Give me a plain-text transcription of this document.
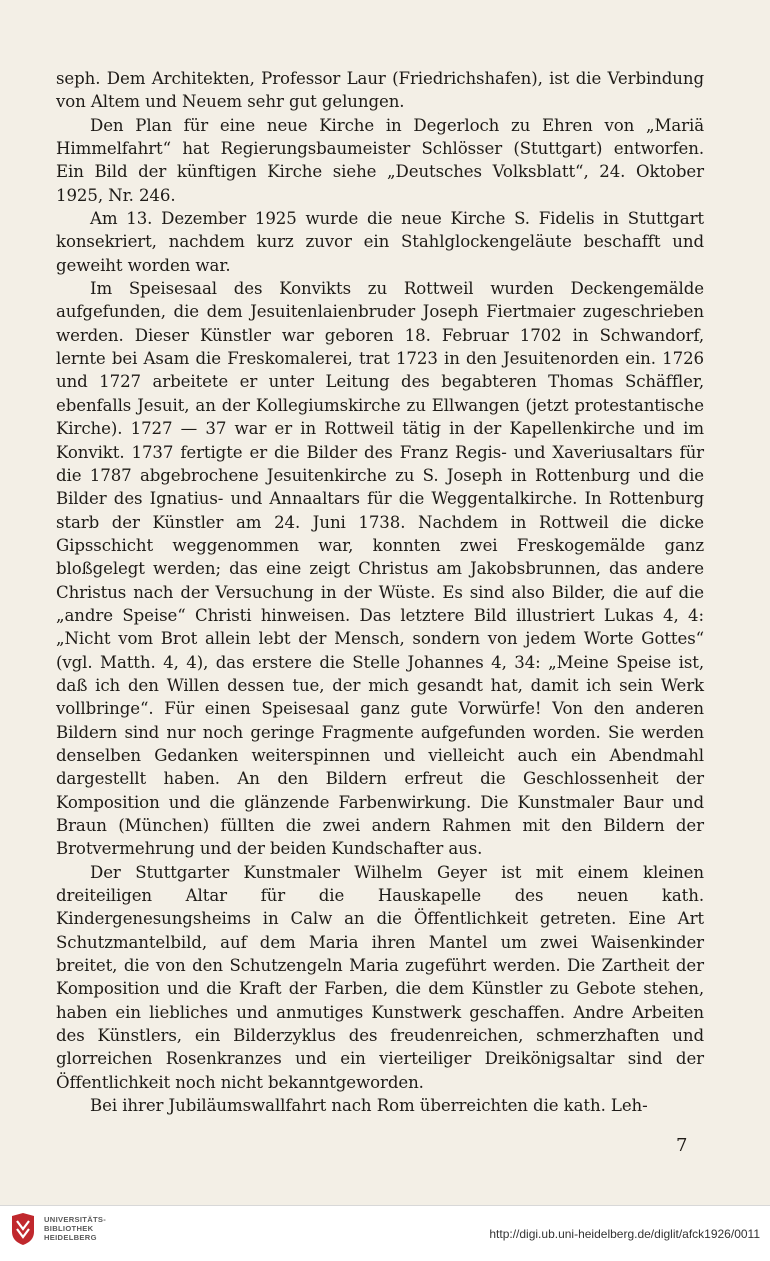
seph. Dem Architekten, Professor Laur (Friedrichshafen), ist die Verbindung von Altem und Neuem sehr gut gelungen.

Den Plan für eine neue Kirche in Degerloch zu Ehren von „Mariä Himmelfahrt“ hat Regierungsbaumeister Schlösser (Stuttgart) entworfen. Ein Bild der künftigen Kirche siehe „Deutsches Volksblatt“, 24. Oktober 1925, Nr. 246.

Am 13. Dezember 1925 wurde die neue Kirche S. Fidelis in Stuttgart konsekriert, nachdem kurz zuvor ein Stahlglockengeläute beschafft und geweiht worden war.

Im Speisesaal des Konvikts zu Rottweil wurden Deckengemälde aufgefunden, die dem Jesuitenlaienbruder Joseph Fiertmaier zugeschrieben werden. Dieser Künstler war geboren 18. Februar 1702 in Schwandorf, lernte bei Asam die Freskomalerei, trat 1723 in den Jesuitenorden ein. 1726 und 1727 arbeitete er unter Leitung des begabteren Thomas Schäffler, ebenfalls Jesuit, an der Kollegiumskirche zu Ellwangen (jetzt protestantische Kirche). 1727 — 37 war er in Rottweil tätig in der Kapellenkirche und im Konvikt. 1737 fertigte er die Bilder des Franz Regis- und Xaveriusaltars für die 1787 abgebrochene Jesuitenkirche zu S. Joseph in Rottenburg und die Bilder des Ignatius- und Annaaltars für die Weggentalkirche. In Rottenburg starb der Künstler am 24. Juni 1738. Nachdem in Rottweil die dicke Gipsschicht weggenommen war, konnten zwei Freskogemälde ganz bloßgelegt werden; das eine zeigt Christus am Jakobsbrunnen, das andere Christus nach der Versuchung in der Wüste. Es sind also Bilder, die auf die „andre Speise“ Christi hinweisen. Das letztere Bild illustriert Lukas 4, 4: „Nicht vom Brot allein lebt der Mensch, sondern von jedem Worte Gottes“ (vgl. Matth. 4, 4), das erstere die Stelle Johannes 4, 34: „Meine Speise ist, daß ich den Willen dessen tue, der mich gesandt hat, damit ich sein Werk vollbringe“. Für einen Speisesaal ganz gute Vorwürfe! Von den anderen Bildern sind nur noch geringe Fragmente aufgefunden worden. Sie werden denselben Gedanken weiterspinnen und vielleicht auch ein Abendmahl dargestellt haben. An den Bildern erfreut die Geschlossenheit der Komposition und die glänzende Farbenwirkung. Die Kunstmaler Baur und Braun (München) füllten die zwei andern Rahmen mit den Bildern der Brotvermehrung und der beiden Kundschafter aus.

Der Stuttgarter Kunstmaler Wilhelm Geyer ist mit einem kleinen dreiteiligen Altar für die Hauskapelle des neuen kath. Kindergenesungsheims in Calw an die Öffentlichkeit getreten. Eine Art Schutzmantelbild, auf dem Maria ihren Mantel um zwei Waisenkinder breitet, die von den Schutzengeln Maria zugeführt werden. Die Zartheit der Komposition und die Kraft der Farben, die dem Künstler zu Gebote stehen, haben ein liebliches und anmutiges Kunstwerk geschaffen. Andre Arbeiten des Künstlers, ein Bilderzyklus des freudenreichen, schmerzhaften und glorreichen Rosenkranzes und ein vierteiliger Dreikönigsaltar sind der Öffentlichkeit noch nicht bekanntgeworden.

Bei ihrer Jubiläumswallfahrt nach Rom überreichten die kath. Leh-

7
UNIVERSITÄTS-
BIBLIOTHEK
HEIDELBERG	http://digi.ub.uni-heidelberg.de/diglit/afck1926/0011
